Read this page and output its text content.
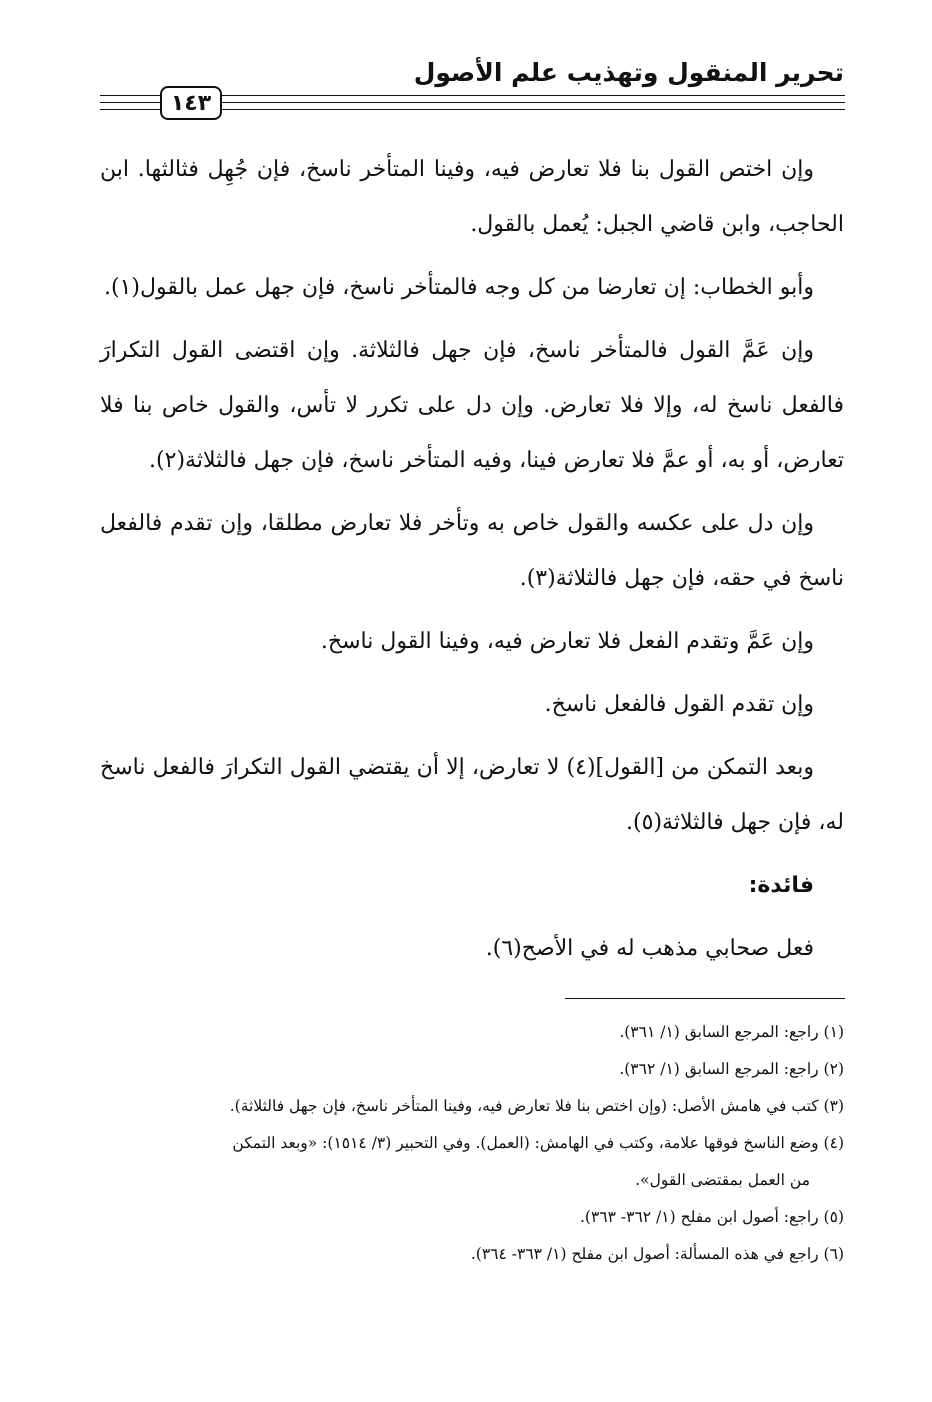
تحرير المنقول وتهذيب علم الأصول
١٤٣

وإن اختص القول بنا فلا تعارض فيه، وفينا المتأخر ناسخ، فإن جُهِل فثالثها. ابن الحاجب، وابن قاضي الجبل: يُعمل بالقول.

وأبو الخطاب: إن تعارضا من كل وجه فالمتأخر ناسخ، فإن جهل عمل بالقول(١).

وإن عَمَّ القول فالمتأخر ناسخ، فإن جهل فالثلاثة. وإن اقتضى القول التكرارَ فالفعل ناسخ له، وإلا فلا تعارض. وإن دل على تكرر لا تأس، والقول خاص بنا فلا تعارض، أو به، أو عمَّ فلا تعارض فينا، وفيه المتأخر ناسخ، فإن جهل فالثلاثة(٢).

وإن دل على عكسه والقول خاص به وتأخر فلا تعارض مطلقا، وإن تقدم فالفعل ناسخ في حقه، فإن جهل فالثلاثة(٣).

وإن عَمَّ وتقدم الفعل فلا تعارض فيه، وفينا القول ناسخ.

وإن تقدم القول فالفعل ناسخ.

وبعد التمكن من [القول](٤) لا تعارض، إلا أن يقتضي القول التكرارَ فالفعل ناسخ له، فإن جهل فالثلاثة(٥).

فائدة:

فعل صحابي مذهب له في الأصح(٦).

(١) راجع: المرجع السابق (١/ ٣٦١).

(٢) راجع: المرجع السابق (١/ ٣٦٢).

(٣) كتب في هامش الأصل: (وإن اختص بنا فلا تعارض فيه، وفينا المتأخر ناسخ، فإن جهل فالثلاثة).

(٤) وضع الناسخ فوقها علامة، وكتب في الهامش: (العمل). وفي التحبير (٣/ ١٥١٤): «وبعد التمكن

من العمل بمقتضى القول».

(٥) راجع: أصول ابن مفلح (١/ ٣٦٢- ٣٦٣).

(٦) راجع في هذه المسألة: أصول ابن مفلح (١/ ٣٦٣- ٣٦٤).
